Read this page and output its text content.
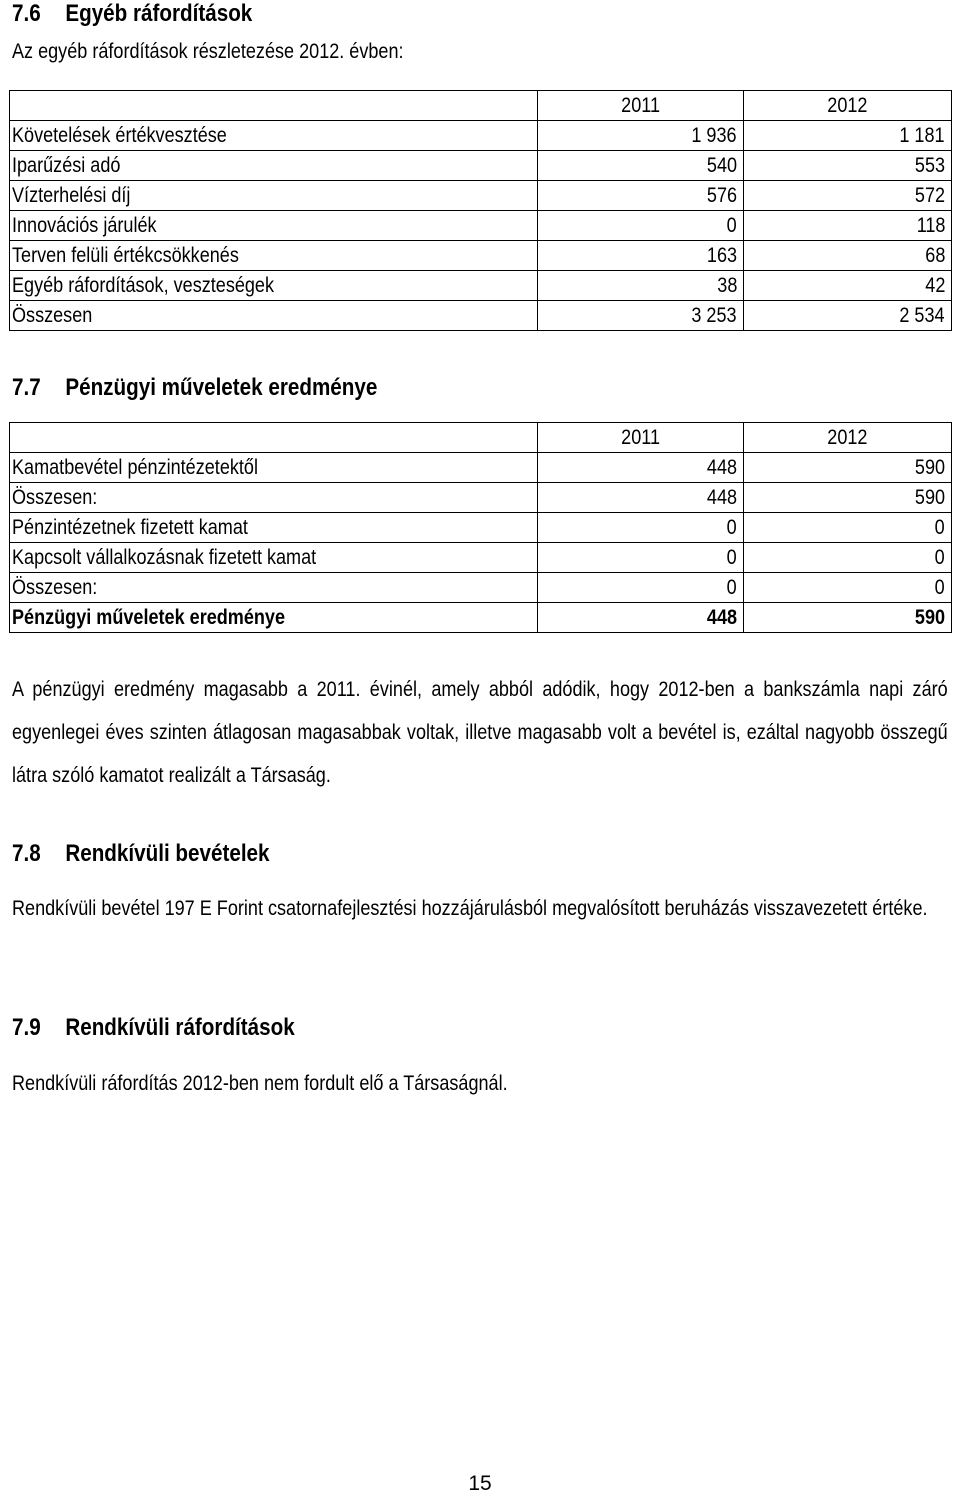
7.6 Egyéb ráfordítások
Az egyéb ráfordítások részletezése 2012. évben:
	2011	2012
Követelések értékvesztése	1 936	1 181
Iparűzési adó	540	553
Vízterhelési díj	576	572
Innovációs járulék	0	118
Terven felüli értékcsökkenés	163	68
Egyéb ráfordítások, veszteségek	38	42
Összesen	3 253	2 534
7.7 Pénzügyi műveletek eredménye
	2011	2012
Kamatbevétel pénzintézetektől	448	590
Összesen:	448	590
Pénzintézetnek fizetett kamat	0	0
Kapcsolt vállalkozásnak fizetett kamat	0	0
Összesen:	0	0
Pénzügyi műveletek eredménye	448	590
A pénzügyi eredmény magasabb a 2011. évinél, amely abból adódik, hogy 2012-ben a bankszámla napi záró egyenlegei éves szinten átlagosan magasabbak voltak, illetve magasabb volt a bevétel is, ezáltal nagyobb összegű látra szóló kamatot realizált a Társaság.
7.8 Rendkívüli bevételek
Rendkívüli bevétel 197 E Forint csatornafejlesztési hozzájárulásból megvalósított beruházás visszavezetett értéke.
7.9 Rendkívüli ráfordítások
Rendkívüli ráfordítás 2012-ben nem fordult elő a Társaságnál.
15
